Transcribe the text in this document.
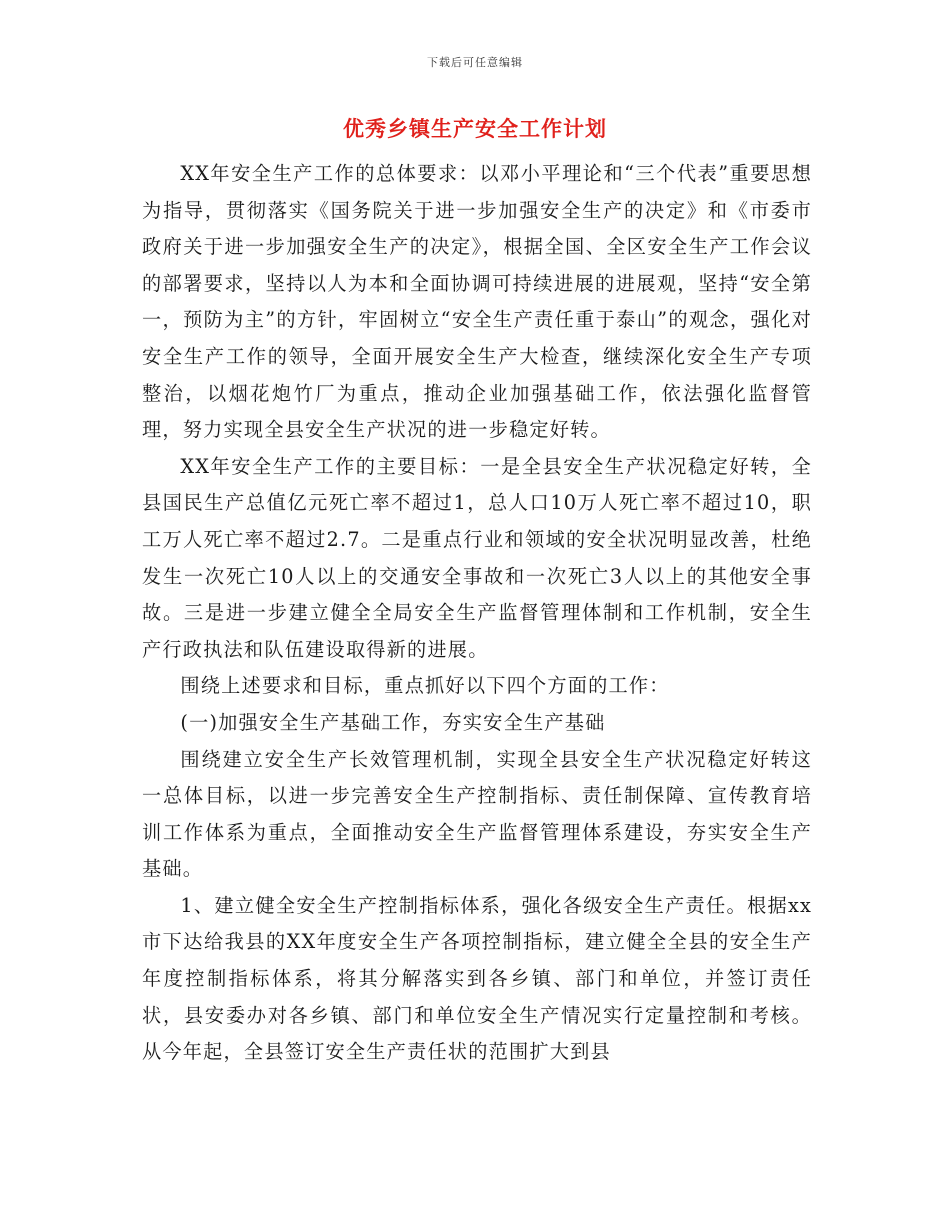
下载后可任意编辑
优秀乡镇生产安全工作计划

XX年安全生产工作的总体要求：以邓小平理论和“三个代表”重要思想为指导，贯彻落实《国务院关于进一步加强安全生产的决定》和《市委市政府关于进一步加强安全生产的决定》，根据全国、全区安全生产工作会议的部署要求，坚持以人为本和全面协调可持续进展的进展观，坚持“安全第一，预防为主”的方针，牢固树立“安全生产责任重于泰山”的观念，强化对安全生产工作的领导，全面开展安全生产大检查，继续深化安全生产专项整治，以烟花炮竹厂为重点，推动企业加强基础工作，依法强化监督管理，努力实现全县安全生产状况的进一步稳定好转。

XX年安全生产工作的主要目标：一是全县安全生产状况稳定好转，全县国民生产总值亿元死亡率不超过1，总人口10万人死亡率不超过10，职工万人死亡率不超过2.7。二是重点行业和领域的安全状况明显改善，杜绝发生一次死亡10人以上的交通安全事故和一次死亡3人以上的其他安全事故。三是进一步建立健全全局安全生产监督管理体制和工作机制，安全生产行政执法和队伍建设取得新的进展。

围绕上述要求和目标，重点抓好以下四个方面的工作：

(一)加强安全生产基础工作，夯实安全生产基础

围绕建立安全生产长效管理机制，实现全县安全生产状况稳定好转这一总体目标，以进一步完善安全生产控制指标、责任制保障、宣传教育培训工作体系为重点，全面推动安全生产监督管理体系建设，夯实安全生产基础。

1、建立健全安全生产控制指标体系，强化各级安全生产责任。根据xx市下达给我县的XX年度安全生产各项控制指标，建立健全全县的安全生产年度控制指标体系，将其分解落实到各乡镇、部门和单位，并签订责任状，县安委办对各乡镇、部门和单位安全生产情况实行定量控制和考核。从今年起，全县签订安全生产责任状的范围扩大到县
